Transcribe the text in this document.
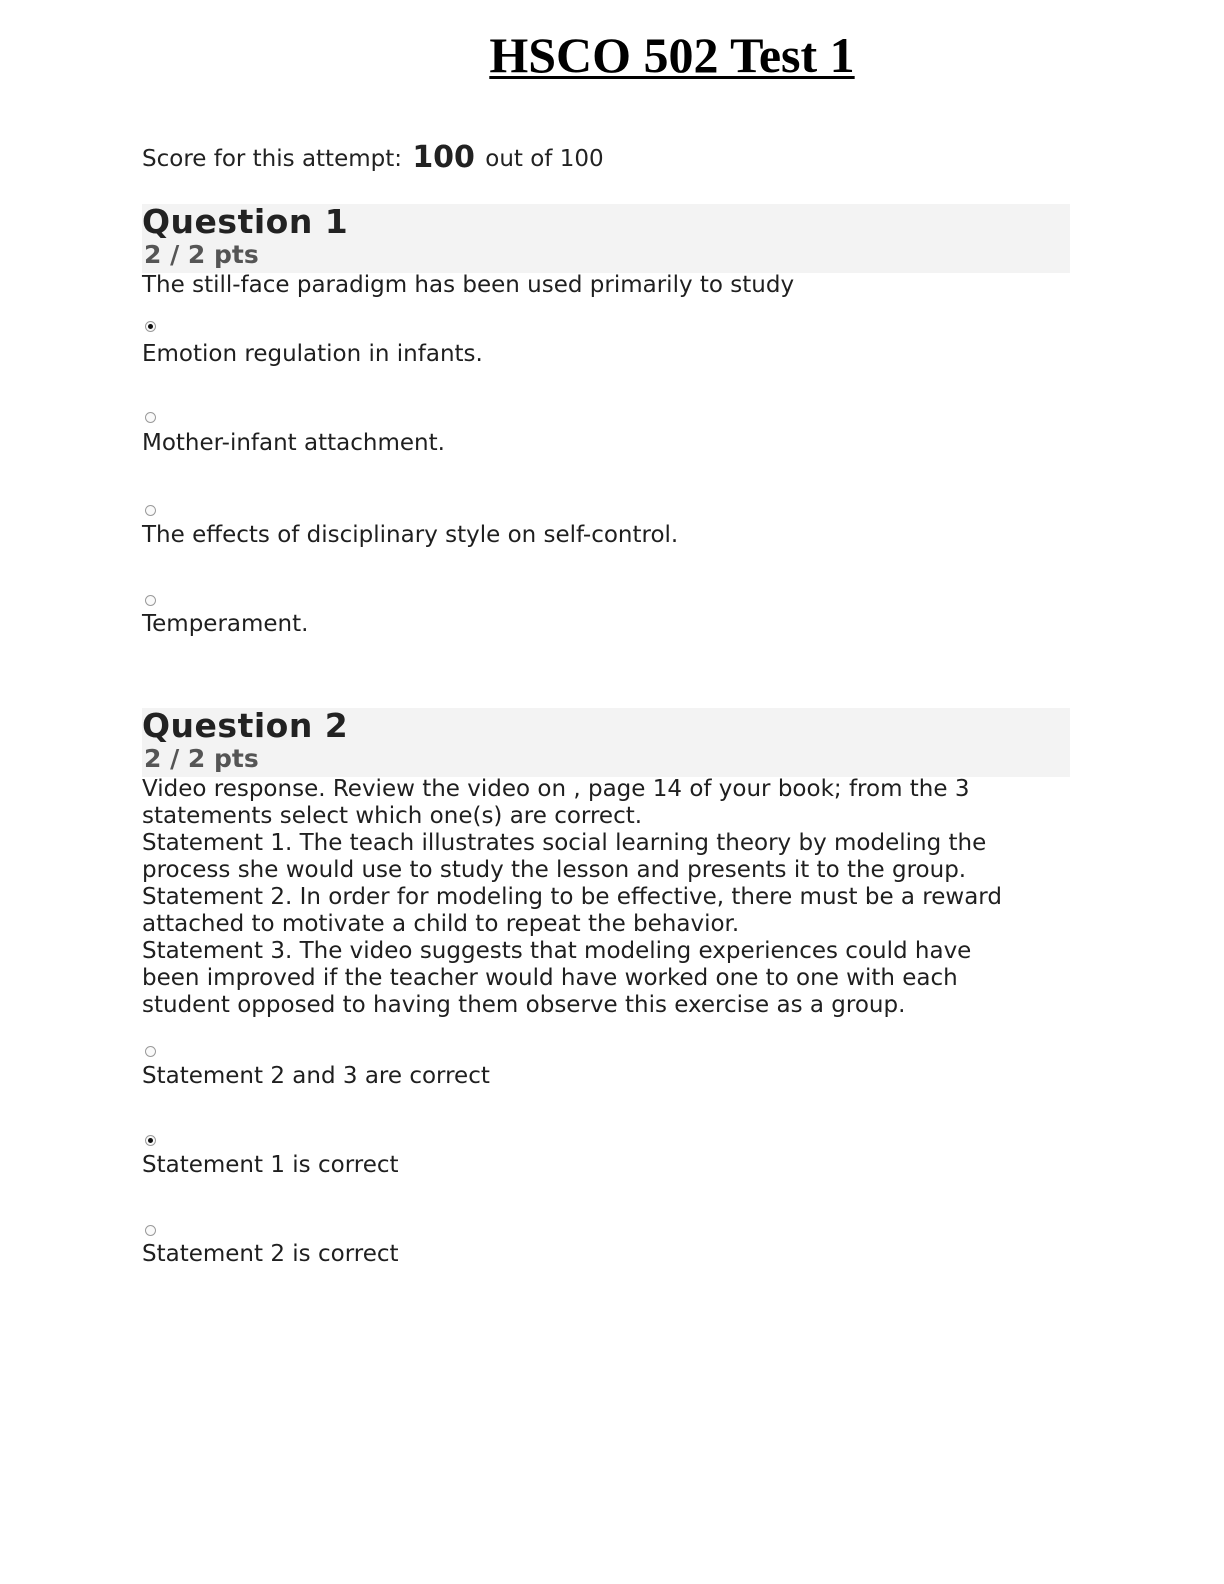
HSCO 502 Test 1
Score for this attempt: 100 out of 100
Question 1
2 / 2 pts
The still-face paradigm has been used primarily to study
Emotion regulation in infants.
Mother-infant attachment.
The effects of disciplinary style on self-control.
Temperament.
Question 2
2 / 2 pts
Video response. Review the video on , page 14 of your book; from the 3
statements select which one(s) are correct.
Statement 1. The teach illustrates social learning theory by modeling the
process she would use to study the lesson and presents it to the group.
Statement 2. In order for modeling to be effective, there must be a reward
attached to motivate a child to repeat the behavior.
Statement 3. The video suggests that modeling experiences could have
been improved if the teacher would have worked one to one with each
student opposed to having them observe this exercise as a group.
Statement 2 and 3 are correct
Statement 1 is correct
Statement 2 is correct
